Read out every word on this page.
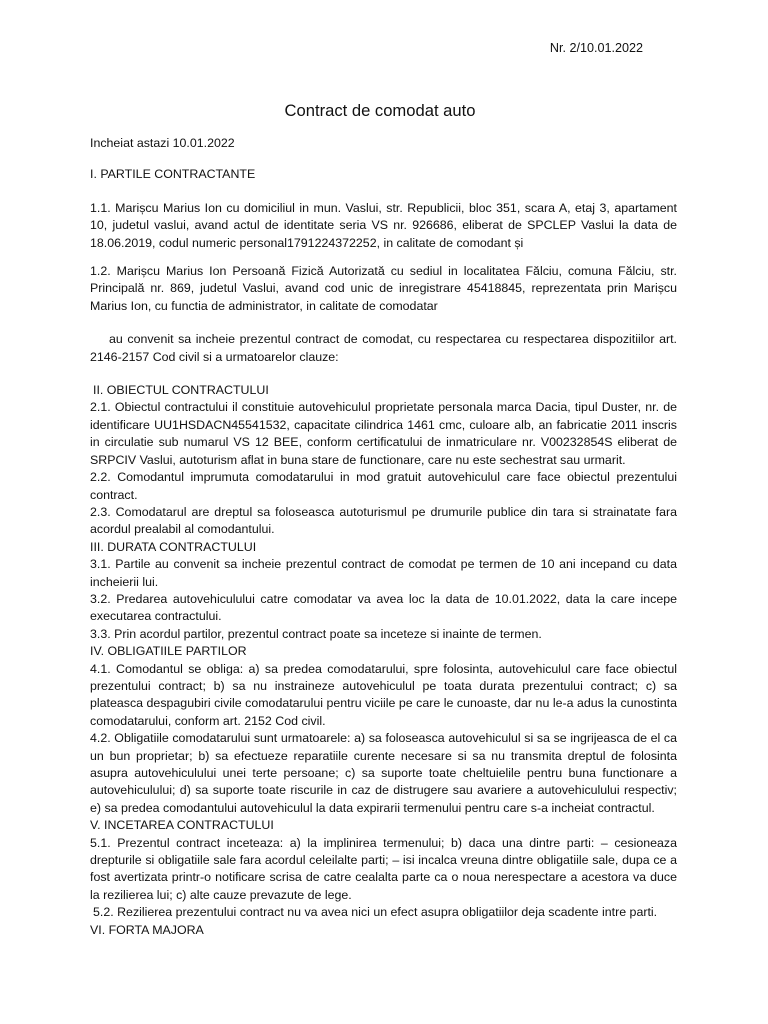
Nr. 2/10.01.2022
Contract de comodat auto

Incheiat astazi 10.01.2022

I. PARTILE CONTRACTANTE

1.1. Marișcu Marius Ion cu domiciliul in mun. Vaslui, str. Republicii, bloc 351, scara A, etaj 3, apartament 10, judetul vaslui, avand actul de identitate seria VS nr. 926686, eliberat de SPCLEP Vaslui la data de 18.06.2019, codul numeric personal1791224372252, in calitate de comodant și

1.2. Marișcu Marius Ion Persoană Fizică Autorizată cu sediul in localitatea Fălciu, comuna Fălciu, str. Principală nr. 869, judetul Vaslui, avand cod unic de inregistrare 45418845, reprezentata prin Marișcu Marius Ion, cu functia de administrator, in calitate de comodatar

au convenit sa incheie prezentul contract de comodat, cu respectarea cu respectarea dispozitiilor art. 2146-2157 Cod civil si a urmatoarelor clauze:

II. OBIECTUL CONTRACTULUI

2.1. Obiectul contractului il constituie autovehiculul proprietate personala marca Dacia, tipul Duster, nr. de identificare UU1HSDACN45541532, capacitate cilindrica 1461 cmc, culoare alb, an fabricatie 2011 inscris in circulatie sub numarul VS 12 BEE, conform certificatului de inmatriculare nr. V00232854S eliberat de SRPCIV Vaslui, autoturism aflat in buna stare de functionare, care nu este sechestrat sau urmarit.

2.2. Comodantul imprumuta comodatarului in mod gratuit autovehiculul care face obiectul prezentului contract.

2.3. Comodatarul are dreptul sa foloseasca autoturismul pe drumurile publice din tara si strainatate fara acordul prealabil al comodantului.

III. DURATA CONTRACTULUI

3.1. Partile au convenit sa incheie prezentul contract de comodat pe termen de 10 ani incepand cu data incheierii lui.

3.2. Predarea autovehiculului catre comodatar va avea loc la data de 10.01.2022, data la care incepe executarea contractului.

3.3. Prin acordul partilor, prezentul contract poate sa inceteze si inainte de termen.

IV. OBLIGATIILE PARTILOR

4.1. Comodantul se obliga: a) sa predea comodatarului, spre folosinta, autovehiculul care face obiectul prezentului contract; b) sa nu instraineze autovehiculul pe toata durata prezentului contract; c) sa plateasca despagubiri civile comodatarului pentru viciile pe care le cunoaste, dar nu le-a adus la cunostinta comodatarului, conform art. 2152 Cod civil.

4.2. Obligatiile comodatarului sunt urmatoarele: a) sa foloseasca autovehiculul si sa se ingrijeasca de el ca un bun proprietar; b) sa efectueze reparatiile curente necesare si sa nu transmita dreptul de folosinta asupra autovehiculului unei terte persoane; c) sa suporte toate cheltuielile pentru buna functionare a autovehiculului; d) sa suporte toate riscurile in caz de distrugere sau avariere a autovehiculului respectiv; e) sa predea comodantului autovehiculul la data expirarii termenului pentru care s-a incheiat contractul.

V. INCETAREA CONTRACTULUI

5.1. Prezentul contract inceteaza: a) la implinirea termenului; b) daca una dintre parti: – cesioneaza drepturile si obligatiile sale fara acordul celeilalte parti; – isi incalca vreuna dintre obligatiile sale, dupa ce a fost avertizata printr-o notificare scrisa de catre cealalta parte ca o noua nerespectare a acestora va duce la rezilierea lui; c) alte cauze prevazute de lege.

5.2. Rezilierea prezentului contract nu va avea nici un efect asupra obligatiilor deja scadente intre parti.

VI. FORTA MAJORA
